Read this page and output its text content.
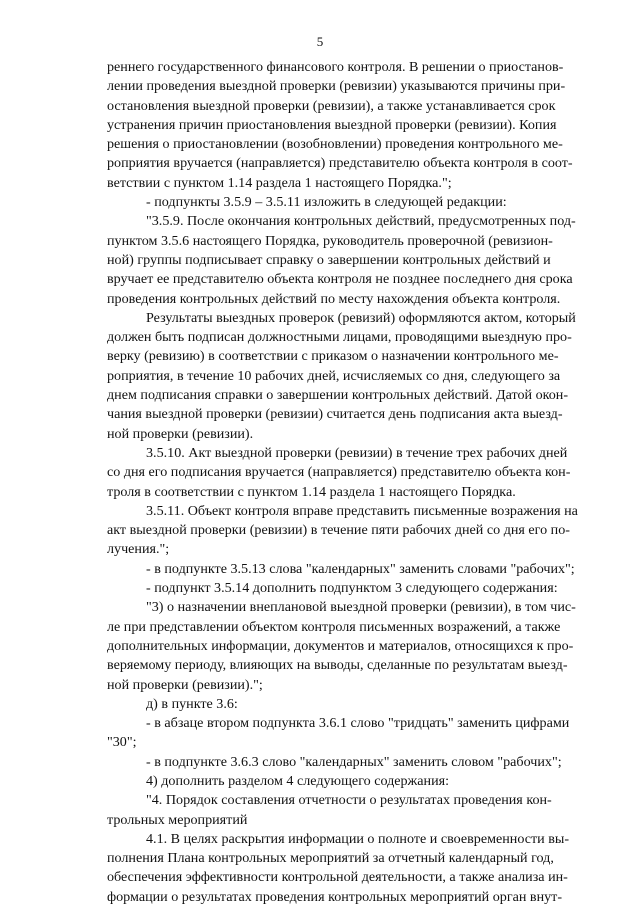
5
реннего государственного финансового контроля. В решении о приостанов-
лении проведения выездной проверки (ревизии) указываются причины при-
остановления выездной проверки (ревизии), а также устанавливается срок
устранения причин приостановления выездной проверки (ревизии). Копия
решения о приостановлении (возобновлении) проведения контрольного ме-
роприятия вручается (направляется) представителю объекта контроля в соот-
ветствии с пунктом 1.14 раздела 1 настоящего Порядка.";
- подпункты 3.5.9 – 3.5.11 изложить в следующей редакции:
"3.5.9. После окончания контрольных действий, предусмотренных под-
пунктом 3.5.6 настоящего Порядка, руководитель проверочной (ревизион-
ной) группы подписывает справку о завершении контрольных действий и
вручает ее представителю объекта контроля не позднее последнего дня срока
проведения контрольных действий по месту нахождения объекта контроля.
Результаты выездных проверок (ревизий) оформляются актом, который
должен быть подписан должностными лицами, проводящими выездную про-
верку (ревизию) в соответствии с приказом о назначении контрольного ме-
роприятия, в течение 10 рабочих дней, исчисляемых со дня, следующего за
днем подписания справки о завершении контрольных действий. Датой окон-
чания выездной проверки (ревизии) считается день подписания акта выезд-
ной проверки (ревизии).
3.5.10. Акт выездной проверки (ревизии) в течение трех рабочих дней
со дня его подписания вручается (направляется) представителю объекта кон-
троля в соответствии с пунктом 1.14 раздела 1 настоящего Порядка.
3.5.11. Объект контроля вправе представить письменные возражения на
акт выездной проверки (ревизии) в течение пяти рабочих дней со дня его по-
лучения.";
- в подпункте 3.5.13 слова "календарных" заменить словами "рабочих";
- подпункт 3.5.14 дополнить подпунктом 3 следующего содержания:
"3) о назначении внеплановой выездной проверки (ревизии), в том чис-
ле при представлении объектом контроля письменных возражений, а также
дополнительных информации, документов и материалов, относящихся к про-
веряемому периоду, влияющих на выводы, сделанные по результатам выезд-
ной проверки (ревизии).";
д) в пункте 3.6:
- в абзаце втором подпункта 3.6.1 слово "тридцать" заменить цифрами
"30";
- в подпункте 3.6.3 слово "календарных" заменить словом "рабочих";
4) дополнить разделом 4 следующего содержания:
"4. Порядок составления отчетности о результатах проведения кон-
трольных мероприятий
4.1. В целях раскрытия информации о полноте и своевременности вы-
полнения Плана контрольных мероприятий за отчетный календарный год,
обеспечения эффективности контрольной деятельности, а также анализа ин-
формации о результатах проведения контрольных мероприятий орган внут-
